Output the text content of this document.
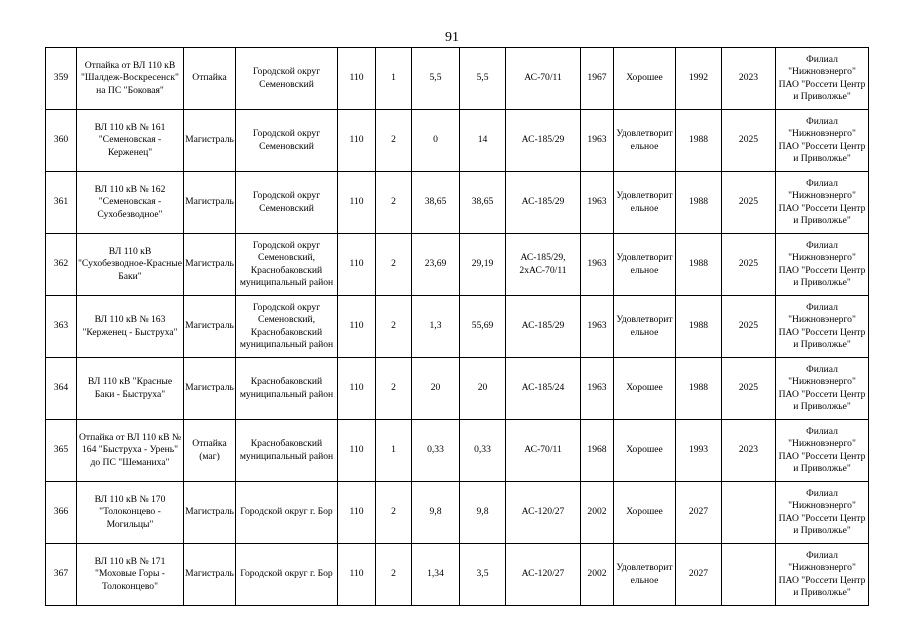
91
359	Отпайка от ВЛ 110 кВ "Шалдеж-Воскресенск" на ПС "Боковая"	Отпайка	Городской округ Семеновский	110	1	5,5	5,5	АС-70/11	1967	Хорошее	1992	2023	Филиал "Нижновэнерго" ПАО "Россети Центр и Приволжье"
360	ВЛ 110 кВ № 161 "Семеновская - Керженец"	Магистраль	Городской округ Семеновский	110	2	0	14	АС-185/29	1963	Удовлетворительное	1988	2025	Филиал "Нижновэнерго" ПАО "Россети Центр и Приволжье"
361	ВЛ 110 кВ № 162 "Семеновская - Сухобезводное"	Магистраль	Городской округ Семеновский	110	2	38,65	38,65	АС-185/29	1963	Удовлетворительное	1988	2025	Филиал "Нижновэнерго" ПАО "Россети Центр и Приволжье"
362	ВЛ 110 кВ "Сухобезводное-Красные Баки"	Магистраль	Городской округ Семеновский, Краснобаковский муниципальный район	110	2	23,69	29,19	АС-185/29, 2хАС-70/11	1963	Удовлетворительное	1988	2025	Филиал "Нижновэнерго" ПАО "Россети Центр и Приволжье"
363	ВЛ 110 кВ № 163 "Керженец - Быструха"	Магистраль	Городской округ Семеновский, Краснобаковский муниципальный район	110	2	1,3	55,69	АС-185/29	1963	Удовлетворительное	1988	2025	Филиал "Нижновэнерго" ПАО "Россети Центр и Приволжье"
364	ВЛ 110 кВ "Красные Баки - Быструха"	Магистраль	Краснобаковский муниципальный район	110	2	20	20	АС-185/24	1963	Хорошее	1988	2025	Филиал "Нижновэнерго" ПАО "Россети Центр и Приволжье"
365	Отпайка от ВЛ 110 кВ № 164 "Быструха - Урень" до ПС "Шеманиха"	Отпайка (маг)	Краснобаковский муниципальный район	110	1	0,33	0,33	АС-70/11	1968	Хорошее	1993	2023	Филиал "Нижновэнерго" ПАО "Россети Центр и Приволжье"
366	ВЛ 110 кВ № 170 "Толоконцево - Могильцы"	Магистраль	Городской округ г. Бор	110	2	9,8	9,8	АС-120/27	2002	Хорошее	2027		Филиал "Нижновэнерго" ПАО "Россети Центр и Приволжье"
367	ВЛ 110 кВ № 171 "Моховые Горы - Толоконцево"	Магистраль	Городской округ г. Бор	110	2	1,34	3,5	АС-120/27	2002	Удовлетворительное	2027		Филиал "Нижновэнерго" ПАО "Россети Центр и Приволжье"
